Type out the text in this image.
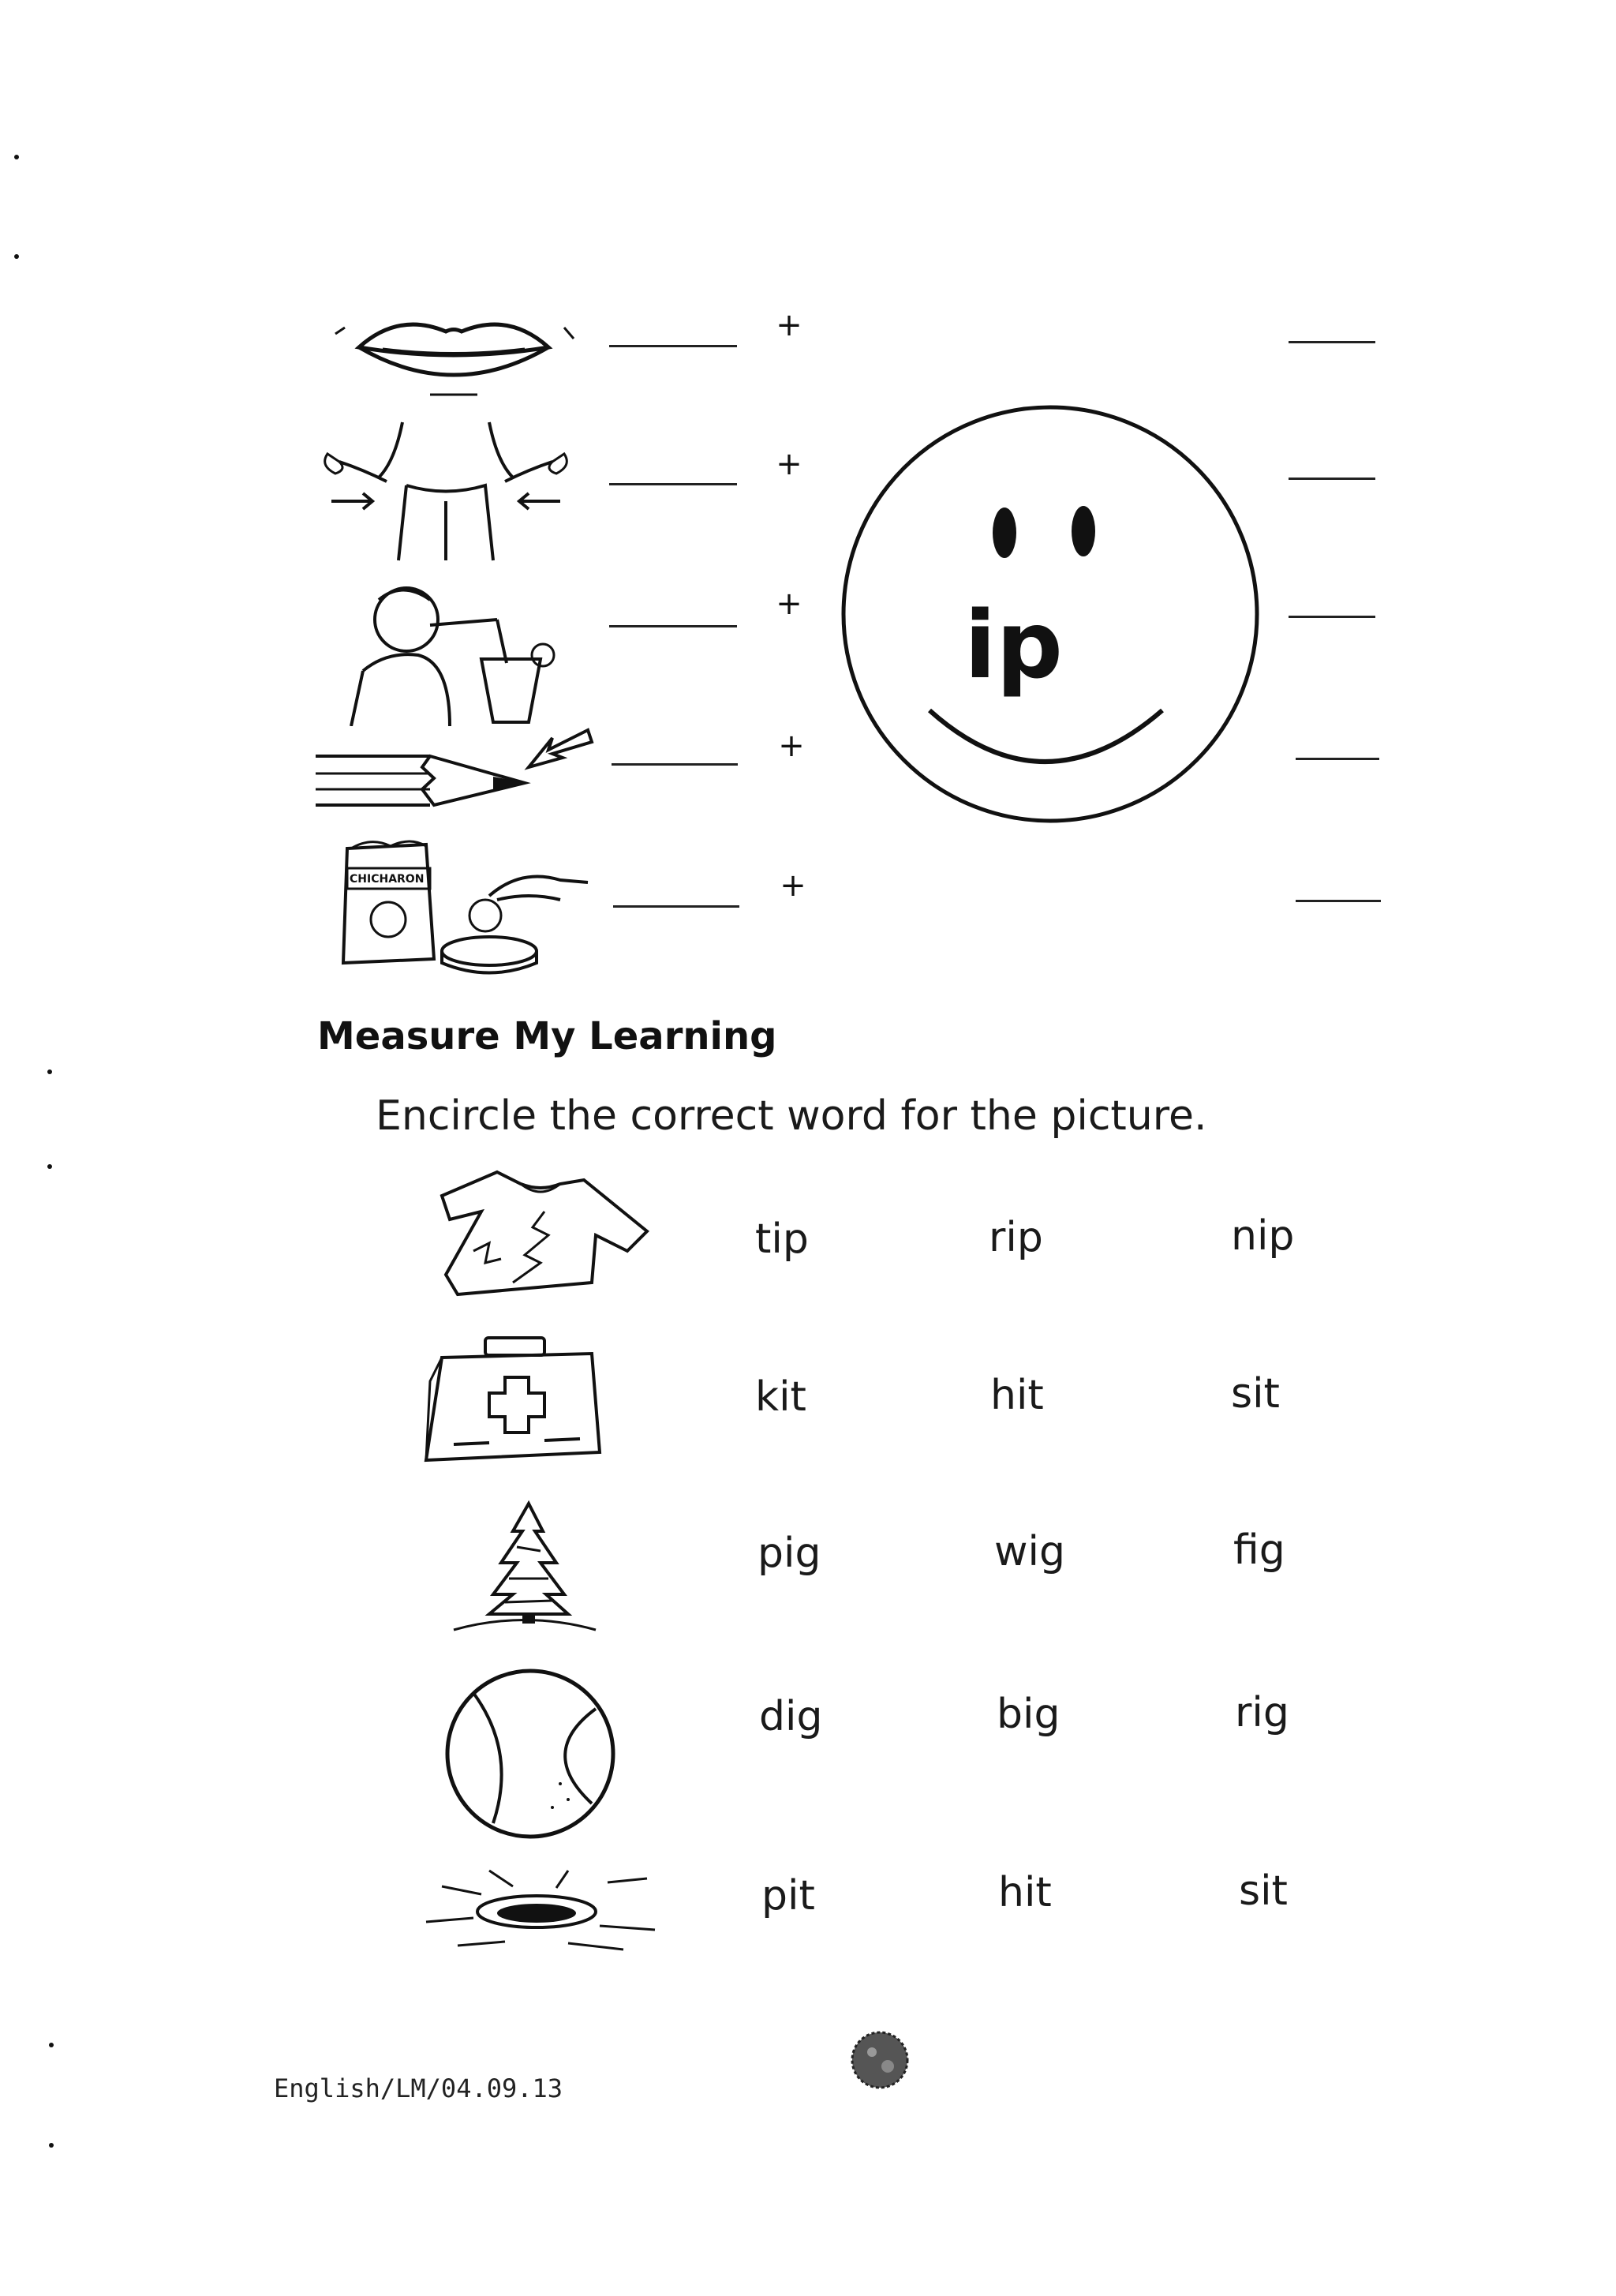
+
+
+
+
CHICHARON	+
ip
Measure My Learning
Encircle the correct word for the picture.
tip	rip	nip
kit	hit	sit
pig	wig	fig
dig	big	rig
pit	hit	sit
English/LM/04.09.13
